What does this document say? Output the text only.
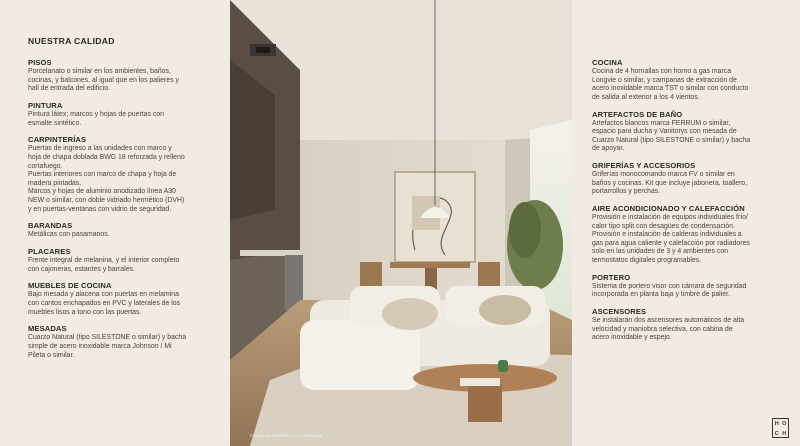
NUESTRA CALIDAD
PISOS
Porcelanato o similar en los ambientes, baños,
cocinas, y balcones, al igual que en los palieres y
hall de entrada del edificio.
PINTURA
Pintura látex; marcos y hojas de puertas con
esmalte sintético.
CARPINTERÍAS
Puertas de ingreso a las unidades con marco y
hoja de chapa doblada BWG 18 reforzada y relleno
cortafuego.
Puertas interiores con marco de chapa y hoja de
madera pintadas.
Marcos y hojas de aluminio anodizado línea A30
NEW o similar, con doble vidriado hermético (DVH)
y en puertas-ventanas con vidrio de seguridad.
BARANDAS
Metálicas con pasamanos.
PLACARES
Frente integral de melanina, y el interior completo
con cajoneras, estantes y barrales.
MUEBLES DE COCINA
Bajo mesada y alacena con puertas en melamina
con cantos enchapados en PVC y laterales de los
muebles lisos a tono con las puertas.
MESADAS
Cuarzo Natural (tipo SILESTONE o similar) y bacha
simple de acero inoxidable marca Johnson / Mi
Pileta o similar.
Imagen representativa, no contractual
COCINA
Cocina de 4 hornallas con horno a gas marca
Longvie o similar, y campanas de extracción de
acero inoxidable marca TST o similar con conducto
de salida al exterior a los 4 vientos.
ARTEFACTOS DE BAÑO
Artefactos blancos marca FERRUM o similar,
espacio para ducha y Vanitorys con mesada de
Cuarzo Natural (tipo SILESTONE o similar) y bacha
de apoyar.
GRIFERÍAS Y ACCESORIOS
Griferías monocomando marca FV o similar en
baños y cocinas. Kit que incluye jabonera, toallero,
portarrollos y perchas.
AIRE ACONDICIONADO Y CALEFACCIÓN
Provisión e instalación de equipos individuales frío/
calor tipo split con desagües de condensación.
Provisión e instalación de calderas individuales a
gas para agua caliente y calefacción por radiadores
solo en las unidades de 3 y 4 ambientes con
termostatos digitales programables.
PORTERO
Sistema de portero visor con cámara de seguridad
incorporada en planta baja y timbre de palier.
ASCENSORES
Se instalarán dos ascensores automáticos de alta
velocidad y maniobra selectiva, con cabina de
acero inoxidable y espejo.
H O
C H
